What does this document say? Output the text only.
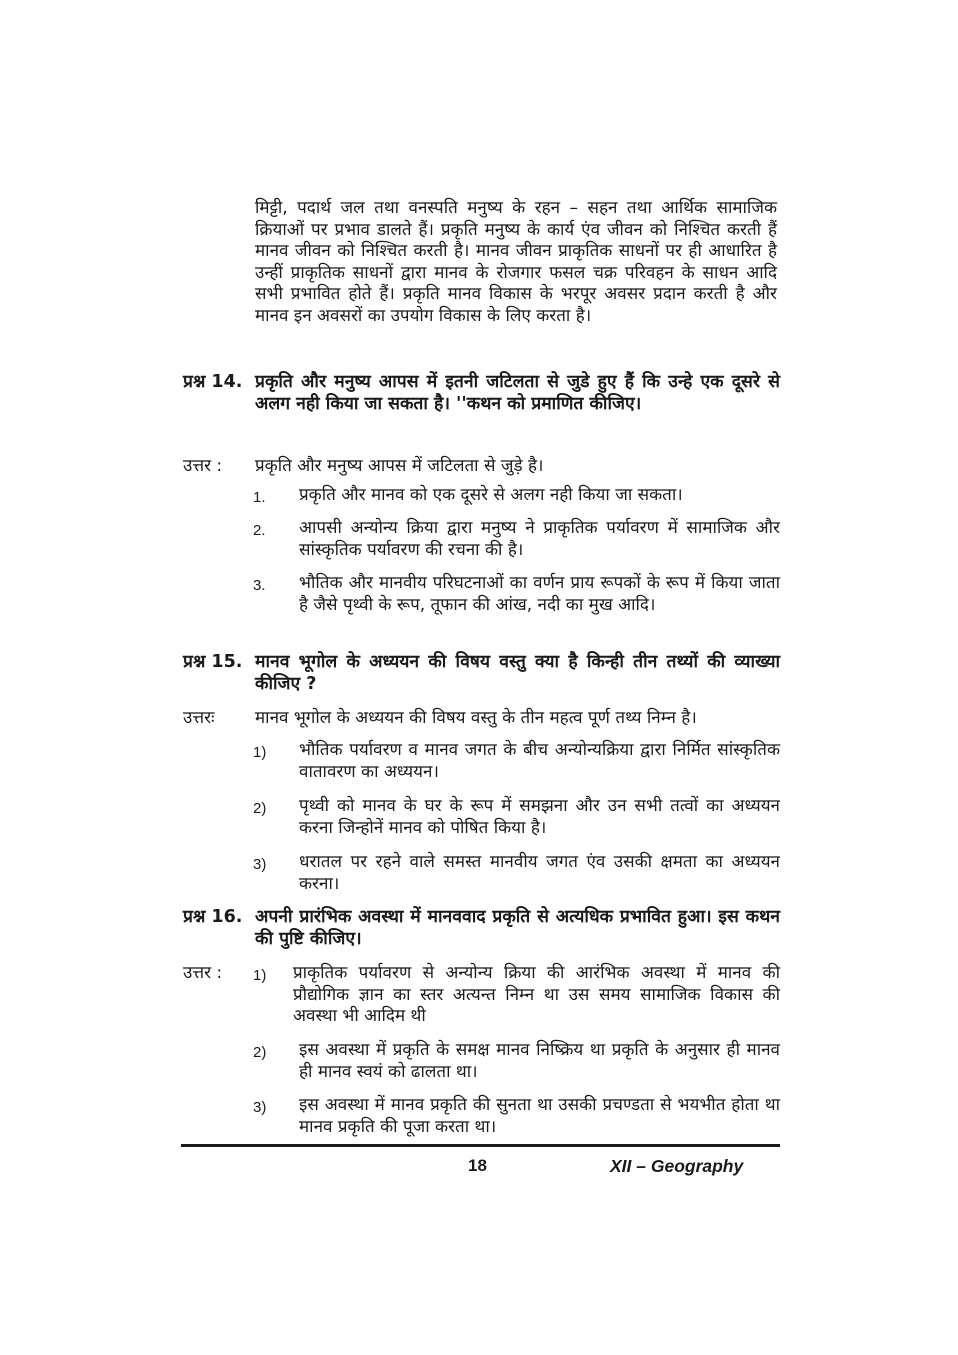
मिट्टी, पदार्थ जल तथा वनस्पति मनुष्य के रहन – सहन तथा आर्थिक सामाजिक क्रियाओं पर प्रभाव डालते हैं। प्रकृति मनुष्य के कार्य एंव जीवन को निश्चित करती हैं मानव जीवन को निश्चित करती है। मानव जीवन प्राकृतिक साधनों पर ही आधारित है उन्हीं प्राकृतिक साधनों द्वारा मानव के रोजगार फसल चक्र परिवहन के साधन आदि सभी प्रभावित होते हैं। प्रकृति मानव विकास के भरपूर अवसर प्रदान करती है और मानव इन अवसरों का उपयोग विकास के लिए करता है।
प्रश्न 14. प्रकृति और मनुष्य आपस में इतनी जटिलता से जुडे हुए हैं कि उन्हे एक दूसरे से अलग नही किया जा सकता है। ''कथन को प्रमाणित कीजिए।
उत्तर : प्रकृति और मनुष्य आपस में जटिलता से जुड़े है।
1. प्रकृति और मानव को एक दूसरे से अलग नही किया जा सकता।
2. आपसी अन्योन्य क्रिया द्वारा मनुष्य ने प्राकृतिक पर्यावरण में सामाजिक और सांस्कृतिक पर्यावरण की रचना की है।
3. भौतिक और मानवीय परिघटनाओं का वर्णन प्राय रूपकों के रूप में किया जाता है जैसे पृथ्वी के रूप, तूफान की आंख, नदी का मुख आदि।
प्रश्न 15. मानव भूगोल के अध्ययन की विषय वस्तु क्या है किन्ही तीन तथ्यों की व्याख्या कीजिए ?
उत्तरः मानव भूगोल के अध्ययन की विषय वस्तु के तीन महत्व पूर्ण तथ्य निम्न है।
1) भौतिक पर्यावरण व मानव जगत के बीच अन्योन्यक्रिया द्वारा निर्मित सांस्कृतिक वातावरण का अध्ययन।
2) पृथ्वी को मानव के घर के रूप में समझना और उन सभी तत्वों का अध्ययन करना जिन्होनें मानव को पोषित किया है।
3) धरातल पर रहने वाले समस्त मानवीय जगत एंव उसकी क्षमता का अध्ययन करना।
प्रश्न 16. अपनी प्रारंभिक अवस्था में मानववाद प्रकृति से अत्यधिक प्रभावित हुआ। इस कथन की पुष्टि कीजिए।
उत्तर : 1) प्राकृतिक पर्यावरण से अन्योन्य क्रिया की आरंभिक अवस्था में मानव की प्रौद्योगिक ज्ञान का स्तर अत्यन्त निम्न था उस समय सामाजिक विकास की अवस्था भी आदिम थी
2) इस अवस्था में प्रकृति के समक्ष मानव निष्क्रिय था प्रकृति के अनुसार ही मानव ही मानव स्वयं को ढालता था।
3) इस अवस्था में मानव प्रकृति की सुनता था उसकी प्रचण्डता से भयभीत होता था मानव प्रकृति की पूजा करता था।
18	XII – Geography
